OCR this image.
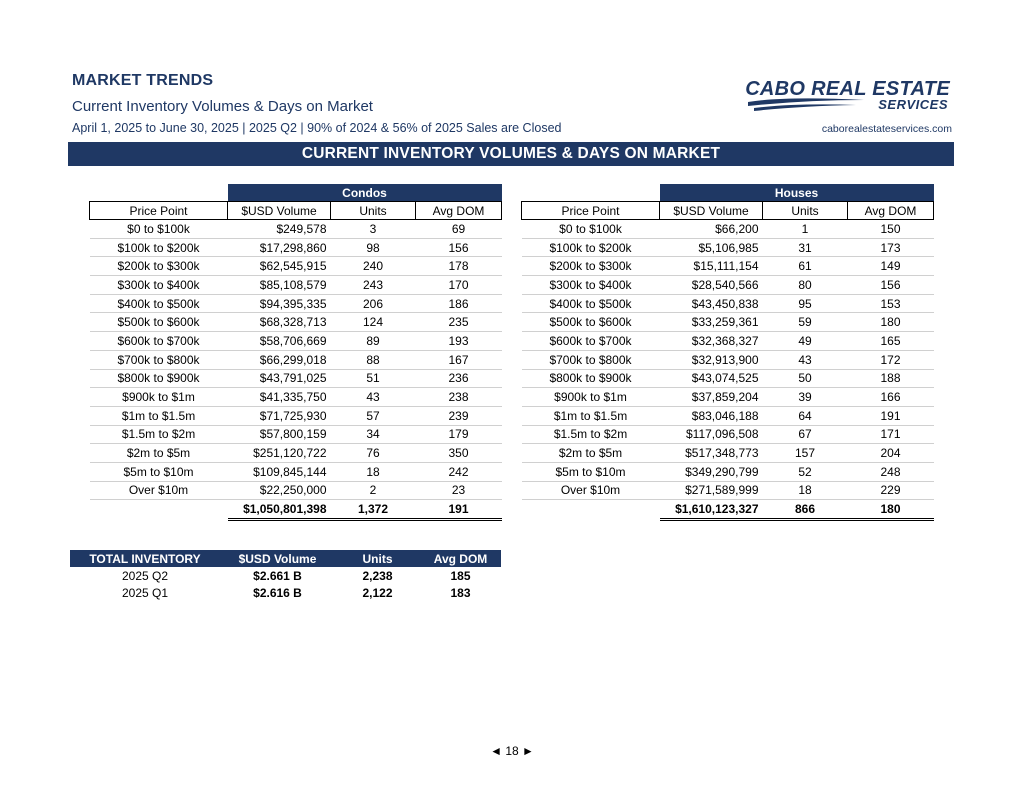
MARKET TRENDS
Current Inventory Volumes & Days on Market
April 1, 2025 to June 30, 2025 | 2025 Q2 | 90% of 2024 & 56% of 2025 Sales are Closed
CABO REAL ESTATE
SERVICES
caborealestateservices.com
CURRENT INVENTORY VOLUMES & DAYS ON MARKET
	Condos		
Price Point	$USD Volume	Units	Avg DOM
$0 to $100k	$249,578	3	69
$100k to $200k	$17,298,860	98	156
$200k to $300k	$62,545,915	240	178
$300k to $400k	$85,108,579	243	170
$400k to $500k	$94,395,335	206	186
$500k to $600k	$68,328,713	124	235
$600k to $700k	$58,706,669	89	193
$700k to $800k	$66,299,018	88	167
$800k to $900k	$43,791,025	51	236
$900k to $1m	$41,335,750	43	238
$1m to $1.5m	$71,725,930	57	239
$1.5m to $2m	$57,800,159	34	179
$2m to $5m	$251,120,722	76	350
$5m to $10m	$109,845,144	18	242
Over $10m	$22,250,000	2	23
	$1,050,801,398	1,372	191
	Houses		
Price Point	$USD Volume	Units	Avg DOM
$0 to $100k	$66,200	1	150
$100k to $200k	$5,106,985	31	173
$200k to $300k	$15,111,154	61	149
$300k to $400k	$28,540,566	80	156
$400k to $500k	$43,450,838	95	153
$500k to $600k	$33,259,361	59	180
$600k to $700k	$32,368,327	49	165
$700k to $800k	$32,913,900	43	172
$800k to $900k	$43,074,525	50	188
$900k to $1m	$37,859,204	39	166
$1m to $1.5m	$83,046,188	64	191
$1.5m to $2m	$117,096,508	67	171
$2m to $5m	$517,348,773	157	204
$5m to $10m	$349,290,799	52	248
Over $10m	$271,589,999	18	229
	$1,610,123,327	866	180
TOTAL INVENTORY	$USD Volume	Units	Avg DOM
2025 Q2	$2.661 B	2,238	185
2025 Q1	$2.616 B	2,122	183
◄ 18 ►
